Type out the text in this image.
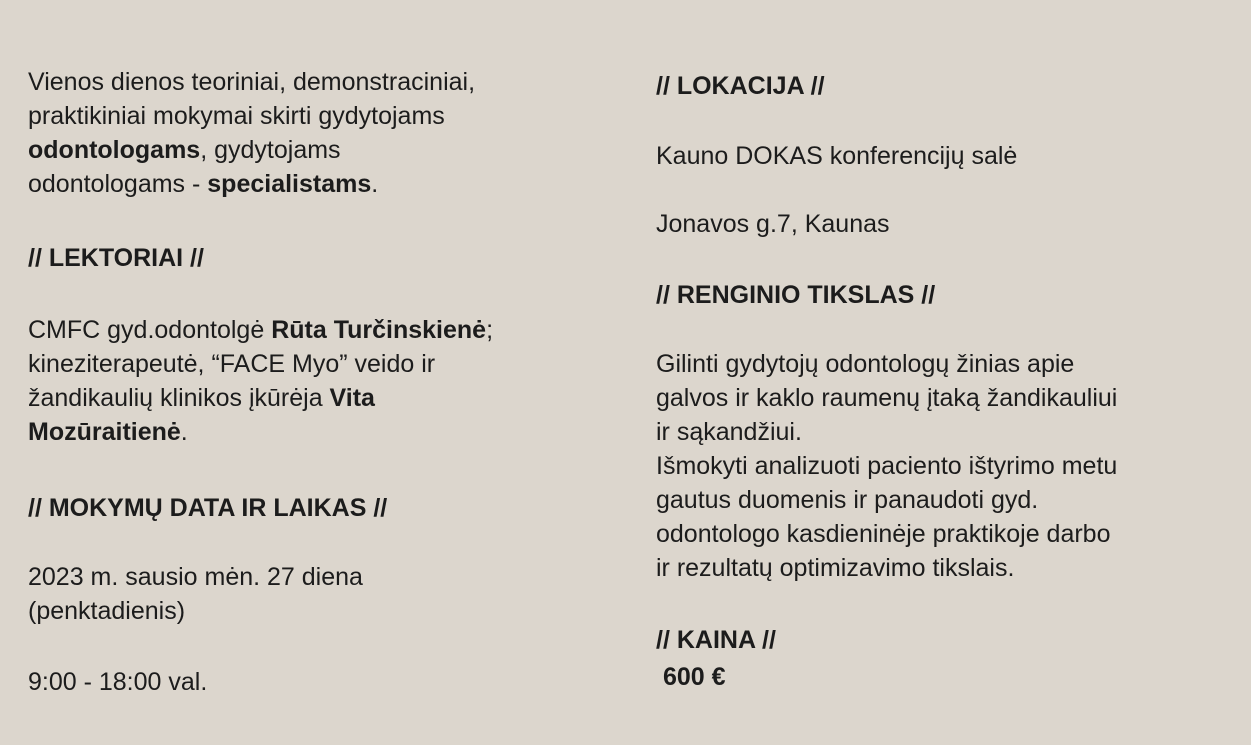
Vienos dienos teoriniai, demonstraciniai,
praktikiniai mokymai skirti gydytojams
odontologams, gydytojams
odontologams - specialistams.
// LEKTORIAI //
CMFC gyd.odontolgė Rūta Turčinskienė;
kineziterapeutė, “FACE Myo” veido ir
žandikaulių klinikos įkūrėja Vita
Mozūraitienė.
// MOKYMŲ DATA IR LAIKAS //
2023 m. sausio mėn. 27 diena
(penktadienis)
9:00 - 18:00 val.
// LOKACIJA //
Kauno DOKAS konferencijų salė
Jonavos g.7, Kaunas
// RENGINIO TIKSLAS //
Gilinti gydytojų odontologų žinias apie
galvos ir kaklo raumenų įtaką žandikauliui
ir sąkandžiui.
Išmokyti analizuoti paciento ištyrimo metu
gautus duomenis ir panaudoti gyd.
odontologo kasdieninėje praktikoje darbo
ir rezultatų optimizavimo tikslais.
// KAINA //
600 €
